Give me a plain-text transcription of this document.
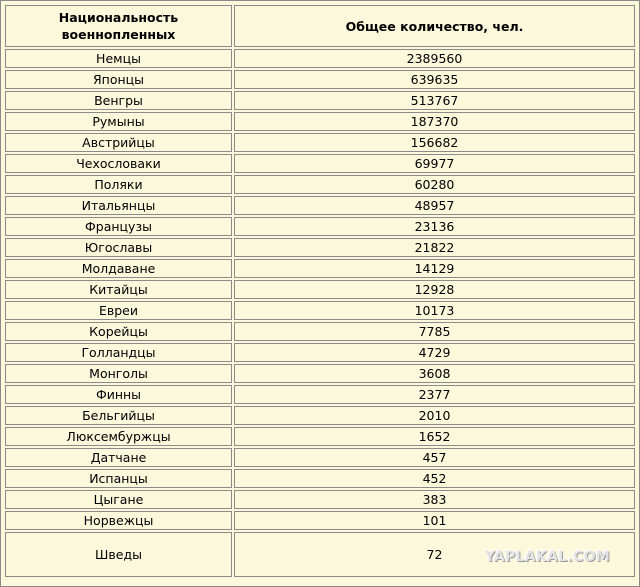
Национальность военнопленных	Общее количество, чел.
Немцы	2389560
Японцы	639635
Венгры	513767
Румыны	187370
Австрийцы	156682
Чехословаки	69977
Поляки	60280
Итальянцы	48957
Французы	23136
Югославы	21822
Молдаване	14129
Китайцы	12928
Евреи	10173
Корейцы	7785
Голландцы	4729
Монголы	3608
Финны	2377
Бельгийцы	2010
Люксембуржцы	1652
Датчане	457
Испанцы	452
Цыгане	383
Норвежцы	101
Шведы	72	YAPLAKAL.COM
